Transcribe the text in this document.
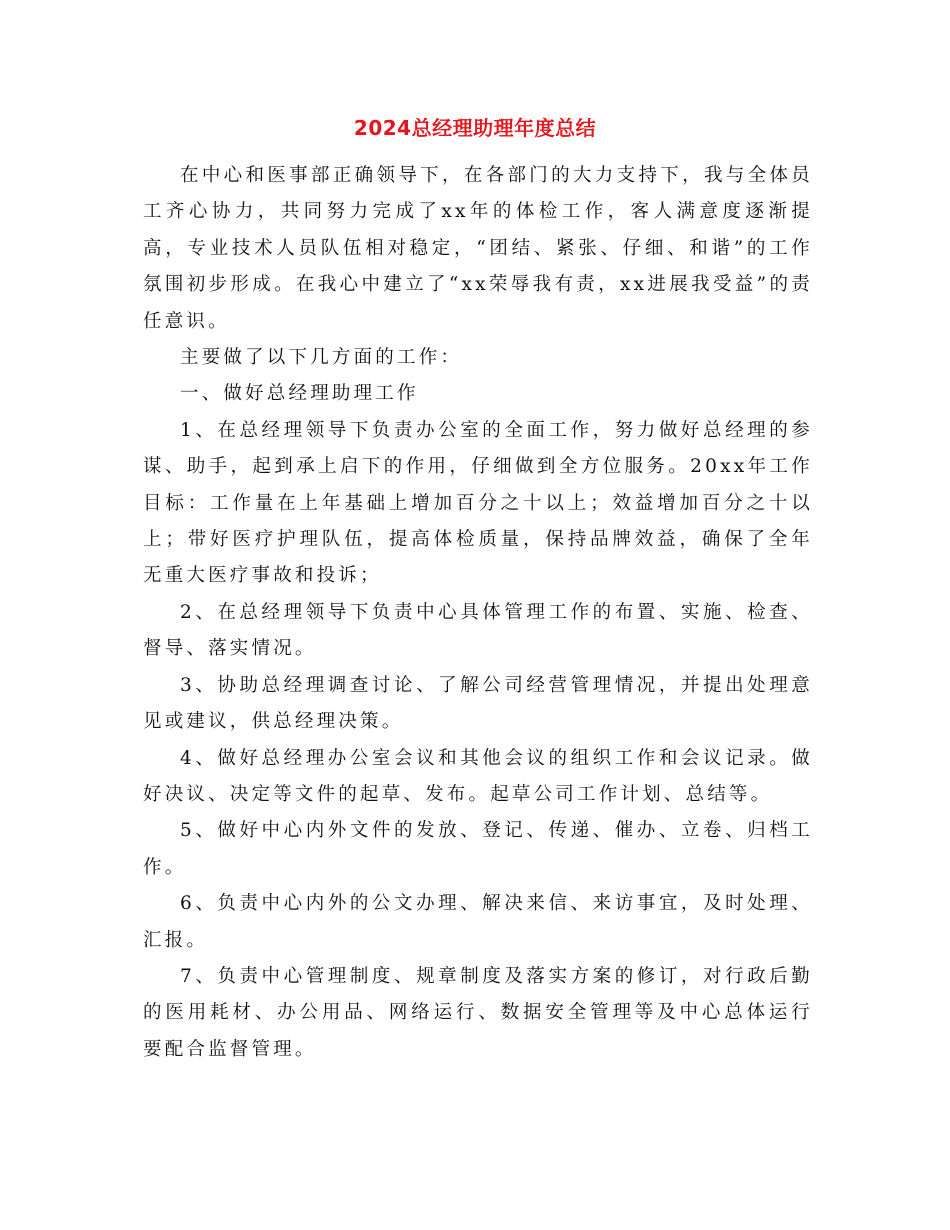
2024总经理助理年度总结

在中心和医事部正确领导下，在各部门的大力支持下，我与全体员工齐心协力，共同努力完成了xx年的体检工作，客人满意度逐渐提高，专业技术人员队伍相对稳定，“团结、紧张、仔细、和谐”的工作氛围初步形成。在我心中建立了“xx荣辱我有责，xx进展我受益”的责任意识。

主要做了以下几方面的工作：

一、做好总经理助理工作

1、在总经理领导下负责办公室的全面工作，努力做好总经理的参谋、助手，起到承上启下的作用，仔细做到全方位服务。20xx年工作目标：工作量在上年基础上增加百分之十以上；效益增加百分之十以上；带好医疗护理队伍，提高体检质量，保持品牌效益，确保了全年无重大医疗事故和投诉；

2、在总经理领导下负责中心具体管理工作的布置、实施、检查、督导、落实情况。

3、协助总经理调查讨论、了解公司经营管理情况，并提出处理意见或建议，供总经理决策。

4、做好总经理办公室会议和其他会议的组织工作和会议记录。做好决议、决定等文件的起草、发布。起草公司工作计划、总结等。

5、做好中心内外文件的发放、登记、传递、催办、立卷、归档工作。

6、负责中心内外的公文办理、解决来信、来访事宜，及时处理、汇报。

7、负责中心管理制度、规章制度及落实方案的修订，对行政后勤的医用耗材、办公用品、网络运行、数据安全管理等及中心总体运行要配合监督管理。
